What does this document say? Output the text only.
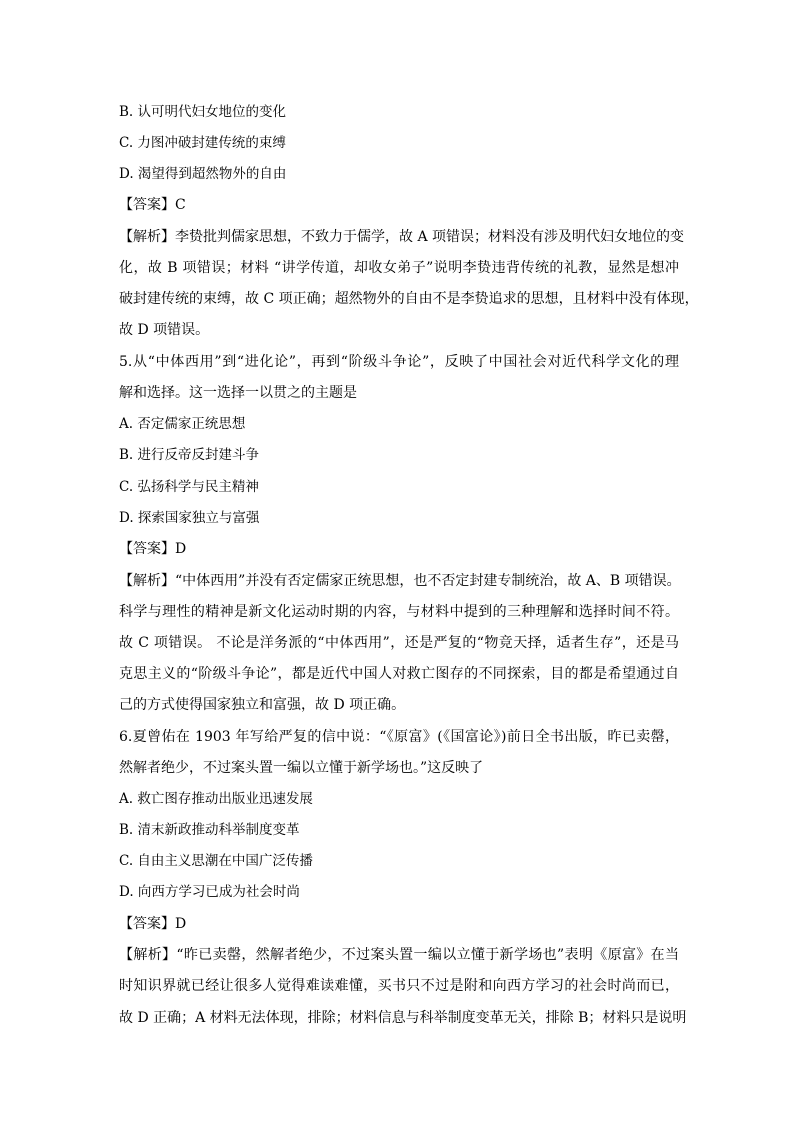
B. 认可明代妇女地位的变化
C. 力图冲破封建传统的束缚
D. 渴望得到超然物外的自由
【答案】C
【解析】李贽批判儒家思想，不致力于儒学，故 A 项错误；材料没有涉及明代妇女地位的变
化，故 B 项错误；材料 “讲学传道，却收女弟子”说明李贽违背传统的礼教，显然是想冲
破封建传统的束缚，故 C 项正确；超然物外的自由不是李贽追求的思想，且材料中没有体现，
故 D 项错误。
5.从“中体西用”到“进化论”，再到“阶级斗争论”，反映了中国社会对近代科学文化的理
解和选择。这一选择一以贯之的主题是
A. 否定儒家正统思想
B. 进行反帝反封建斗争
C. 弘扬科学与民主精神
D. 探索国家独立与富强
【答案】D
【解析】“中体西用”并没有否定儒家正统思想，也不否定封建专制统治，故 A、B 项错误。
科学与理性的精神是新文化运动时期的内容，与材料中提到的三种理解和选择时间不符。
故 C 项错误。 不论是洋务派的“中体西用”，还是严复的“物竞天择，适者生存”，还是马
克思主义的“阶级斗争论”，都是近代中国人对救亡图存的不同探索，目的都是希望通过自
己的方式使得国家独立和富强，故 D 项正确。
6.夏曾佑在 1903 年写给严复的信中说：“《原富》(《国富论》)前日全书出版，昨已卖罄，
然解者绝少，不过案头置一编以立懂于新学场也。”这反映了
A. 救亡图存推动出版业迅速发展
B. 清末新政推动科举制度变革
C. 自由主义思潮在中国广泛传播
D. 向西方学习已成为社会时尚
【答案】D
【解析】“昨已卖罄，然解者绝少，不过案头置一编以立懂于新学场也”表明《原富》在当
时知识界就已经让很多人觉得难读难懂，买书只不过是附和向西方学习的社会时尚而已，
故 D 正确；A 材料无法体现，排除；材料信息与科举制度变革无关，排除 B；材料只是说明
